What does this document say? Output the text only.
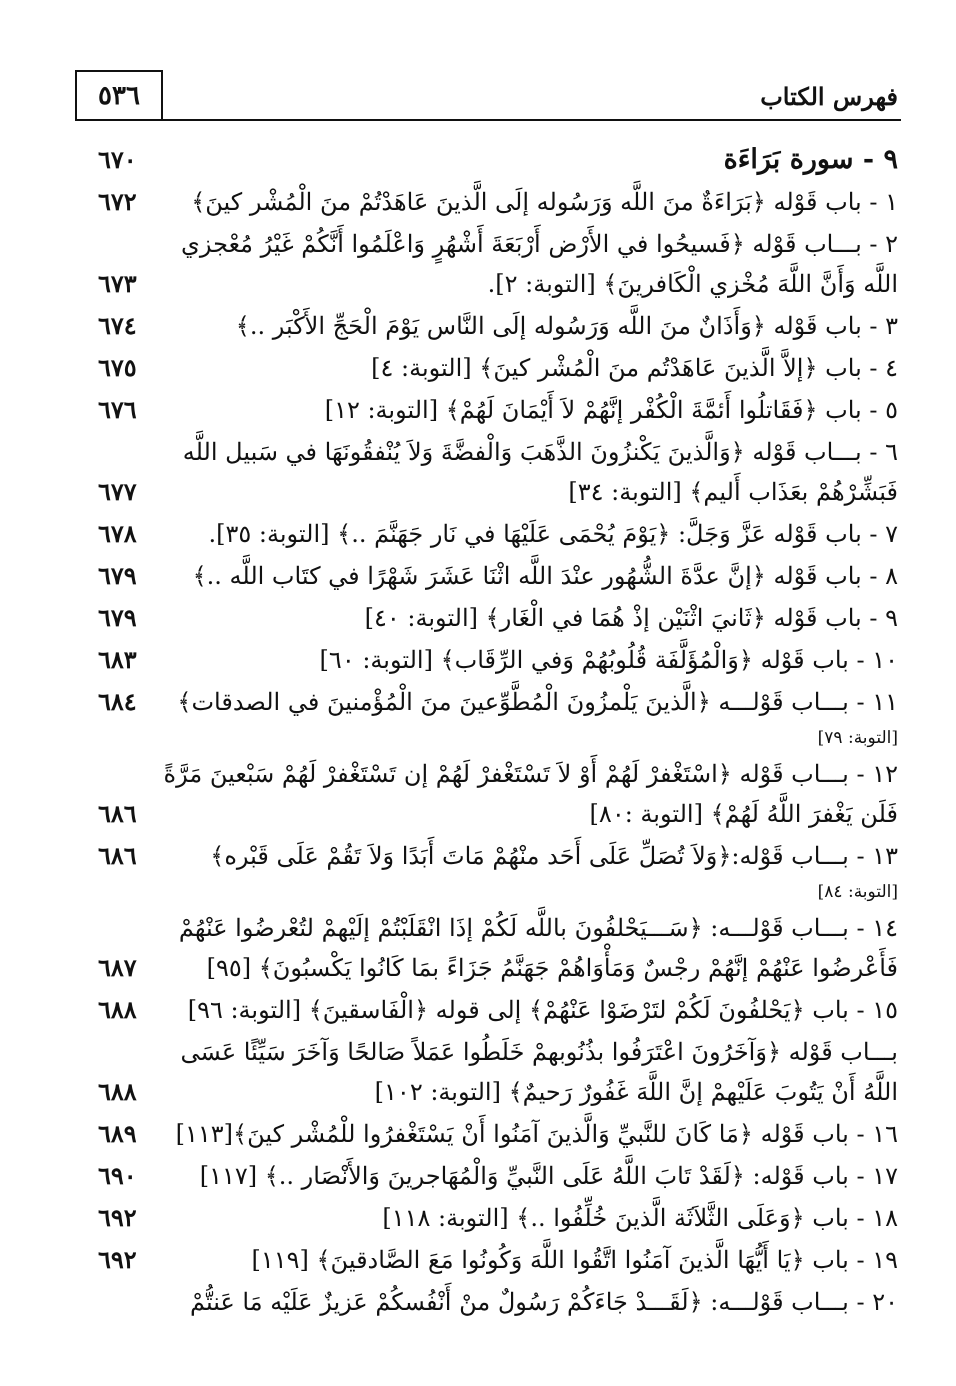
فهرس الكتاب
٥٣٦
٩ - سورة بَرَاءَة
٦٧٠
١ - باب قَوْله ﴿بَرَاءَةٌ منَ اللَّه وَرَسُوله إلَى الَّذينَ عَاهَدْتُمْ منَ الْمُشْر كينَ﴾
٦٧٢
٢ - بـــاب قَوْله ﴿فَسيحُوا في الأَرْض أَرْبَعَةَ أَشْهُرٍ وَاعْلَمُوا أَنَّكُمْ غَيْرُ مُعْجزي
اللَّه وَأَنَّ اللَّهَ مُخْزي الْكَافرينَ﴾ [التوبة: ٢].
٦٧٣
٣ - باب قَوْله ﴿وَأَذَانٌ منَ اللَّه وَرَسُوله إلَى النَّاس يَوْمَ الْحَجِّ الأَكْبَر ..﴾
٦٧٤
٤ - باب ﴿إلاَّ الَّذينَ عَاهَدْتُم منَ الْمُشْر كينَ﴾ [التوبة: ٤]
٦٧٥
٥ - باب ﴿فَقَاتلُوا أَئمَّةَ الْكُفْر إنَّهُمْ لاَ أَيْمَانَ لَهُمْ﴾ [التوبة: ١٢]
٦٧٦
٦ - بـــاب قَوْله ﴿وَالَّذينَ يَكْنزُونَ الذَّهَبَ وَالْفضَّةَ وَلاَ يُنْفقُونَهَا في سَبيل اللَّه
فَبَشِّرْهُمْ بعَذَاب أَليم﴾ [التوبة: ٣٤]
٦٧٧
٧ - باب قَوْله عَزَّ وَجَلَّ: ﴿يَوْمَ يُحْمَى عَلَيْهَا في نَار جَهَنَّمَ ..﴾ [التوبة: ٣٥].
٦٧٨
٨ - باب قَوْله ﴿إنَّ عدَّةَ الشُّهُور عنْدَ اللَّه اثْنَا عَشَرَ شَهْرًا في كتَاب اللَّه ..﴾
٦٧٩
٩ - باب قَوْله ﴿ثَانيَ اثْنَيْن إذْ هُمَا في الْغَار﴾ [التوبة: ٤٠]
٦٧٩
١٠ - باب قَوْله ﴿وَالْمُؤَلَّفَة قُلُوبُهُمْ وَفي الرِّقَاب﴾ [التوبة: ٦٠]
٦٨٣
١١ - بـــاب قَوْلـــه ﴿الَّذينَ يَلْمزُونَ الْمُطَّوِّعينَ منَ الْمُؤْمنينَ في الصدقات﴾
٦٨٤
[التوبة: ٧٩]
١٢ - بـــاب قَوْله ﴿اسْتَغْفرْ لَهُمْ أَوْ لاَ تَسْتَغْفرْ لَهُمْ إن تَسْتَغْفرْ لَهُمْ سَبْعينَ مَرَّةً
فَلَن يَغْفرَ اللَّهُ لَهُمْ﴾ [التوبة :٨٠]
٦٨٦
١٣ - بـــاب قَوْله:﴿وَلاَ تُصَلِّ عَلَى أَحَد منْهُمْ مَاتَ أَبَدًا وَلاَ تَقُمْ عَلَى قَبْره﴾
٦٨٦
[التوبة: ٨٤]
١٤ - بـــاب قَوْلـــه: ﴿سَـــيَحْلفُونَ باللَّه لَكُمْ إذَا انْقَلَبْتُمْ إلَيْهمْ لتُعْرضُوا عَنْهُمْ
فَأَعْرضُوا عَنْهُمْ إنَّهُمْ رجْسٌ وَمَأْوَاهُمْ جَهَنَّمُ جَزَاءً بمَا كَانُوا يَكْسبُونَ﴾ [٩٥]
٦٨٧
١٥ - باب ﴿يَحْلفُونَ لَكُمْ لتَرْضَوْا عَنْهُمْ﴾ إلى قوله ﴿الْفَاسقينَ﴾ [التوبة: ٩٦]
٦٨٨
بـــاب قَوْله ﴿وَآخَرُونَ اعْتَرَفُوا بذُنُوبهمْ خَلَطُوا عَمَلاً صَالحًا وَآخَرَ سَيِّئًا عَسَى
اللَّهُ أَنْ يَتُوبَ عَلَيْهمْ إنَّ اللَّهَ غَفُورٌ رَحيمٌ﴾ [التوبة: ١٠٢]
٦٨٨
١٦ - باب قَوْله ﴿مَا كَانَ للنَّبيِّ وَالَّذينَ آمَنُوا أَنْ يَسْتَغْفرُوا للْمُشْر كينَ﴾[١١٣]
٦٨٩
١٧ - باب قَوْله: ﴿لَقَدْ تَابَ اللَّهُ عَلَى النَّبيِّ وَالْمُهَاجرينَ وَالأَنْصَار ..﴾ [١١٧]
٦٩٠
١٨ - باب ﴿وَعَلَى الثَّلاَثَة الَّذينَ خُلِّفُوا ..﴾ [التوبة: ١١٨]
٦٩٢
١٩ - باب ﴿يَا أَيُّهَا الَّذينَ آمَنُوا اتَّقُوا اللَّهَ وَكُونُوا مَعَ الصَّادقينَ﴾ [١١٩]
٦٩٢
٢٠ - بـــاب قَوْلـــه: ﴿لَقَـــدْ جَاءَكُمْ رَسُولٌ منْ أَنْفُسكُمْ عَزيزٌ عَلَيْه مَا عَنتُّمْ
